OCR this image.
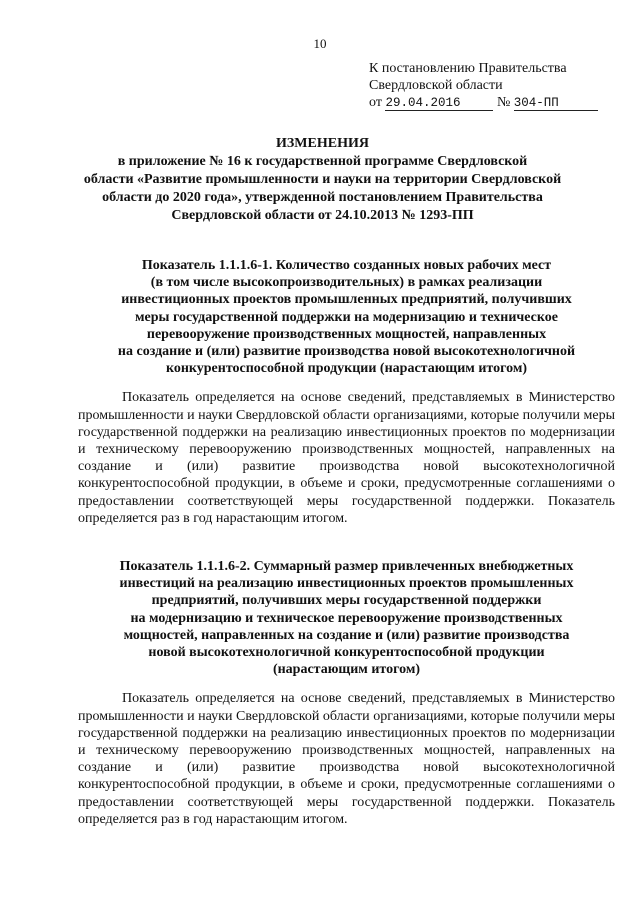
10
К постановлению Правительства
Свердловской области
от 29.04.2016	№ 304-ПП
ИЗМЕНЕНИЯ
в приложение № 16 к государственной программе Свердловской
области «Развитие промышленности и науки на территории Свердловской
области до 2020 года», утвержденной постановлением Правительства
Свердловской области от 24.10.2013 № 1293-ПП
Показатель 1.1.1.6-1. Количество созданных новых рабочих мест
(в том числе высокопроизводительных) в рамках реализации
инвестиционных проектов промышленных предприятий, получивших
меры государственной поддержки на модернизацию и техническое
перевооружение производственных мощностей, направленных
на создание и (или) развитие производства новой высокотехнологичной
конкурентоспособной продукции (нарастающим итогом)

Показатель определяется на основе сведений, представляемых в Министерство промышленности и науки Свердловской области организациями, которые получили меры государственной поддержки на реализацию инвестиционных проектов по модернизации и техническому перевооружению производственных мощностей, направленных на создание и (или) развитие производства новой высокотехнологичной конкурентоспособной продукции, в объеме и сроки, предусмотренные соглашениями о предоставлении соответствующей меры государственной поддержки. Показатель определяется раз в год нарастающим итогом.

Показатель 1.1.1.6-2. Суммарный размер привлеченных внебюджетных
инвестиций на реализацию инвестиционных проектов промышленных
предприятий, получивших меры государственной поддержки
на модернизацию и техническое перевооружение производственных
мощностей, направленных на создание и (или) развитие производства
новой высокотехнологичной конкурентоспособной продукции
(нарастающим итогом)

Показатель определяется на основе сведений, представляемых в Министерство промышленности и науки Свердловской области организациями, которые получили меры государственной поддержки на реализацию инвестиционных проектов по модернизации и техническому перевооружению производственных мощностей, направленных на создание и (или) развитие производства новой высокотехнологичной конкурентоспособной продукции, в объеме и сроки, предусмотренные соглашениями о предоставлении соответствующей меры государственной поддержки. Показатель определяется раз в год нарастающим итогом.
